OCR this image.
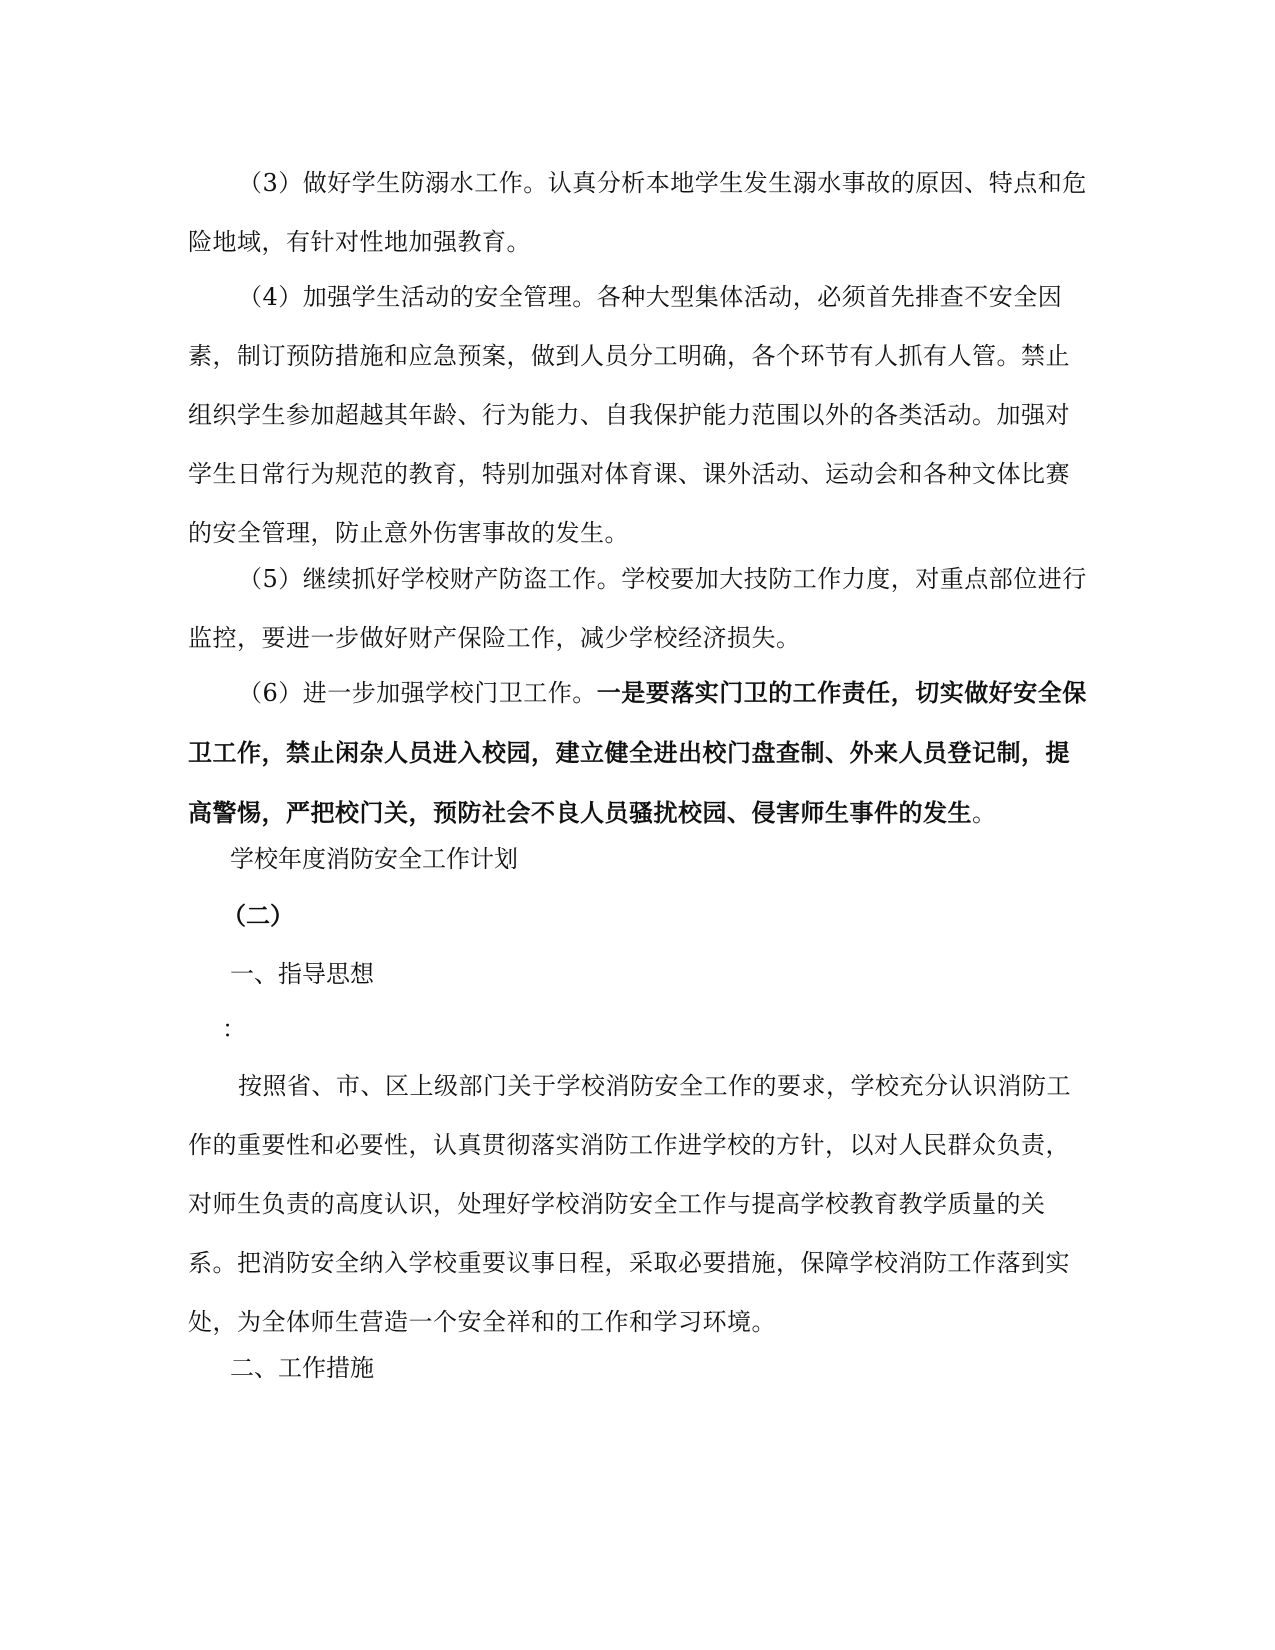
（3）做好学生防溺水工作。认真分析本地学生发生溺水事故的原因、特点和危险地域，有针对性地加强教育。

（4）加强学生活动的安全管理。各种大型集体活动，必须首先排查不安全因素，制订预防措施和应急预案，做到人员分工明确，各个环节有人抓有人管。禁止组织学生参加超越其年龄、行为能力、自我保护能力范围以外的各类活动。加强对学生日常行为规范的教育，特别加强对体育课、课外活动、运动会和各种文体比赛的安全管理，防止意外伤害事故的发生。

（5）继续抓好学校财产防盗工作。学校要加大技防工作力度，对重点部位进行监控，要进一步做好财产保险工作，减少学校经济损失。

（6）进一步加强学校门卫工作。一是要落实门卫的工作责任，切实做好安全保卫工作，禁止闲杂人员进入校园，建立健全进出校门盘查制、外来人员登记制，提高警惕，严把校门关，预防社会不良人员骚扰校园、侵害师生事件的发生。

学校年度消防安全工作计划

（二）

一、指导思想

：

按照省、市、区上级部门关于学校消防安全工作的要求，学校充分认识消防工作的重要性和必要性，认真贯彻落实消防工作进学校的方针，以对人民群众负责，对师生负责的高度认识，处理好学校消防安全工作与提高学校教育教学质量的关系。把消防安全纳入学校重要议事日程，采取必要措施，保障学校消防工作落到实处，为全体师生营造一个安全祥和的工作和学习环境。

二、工作措施
